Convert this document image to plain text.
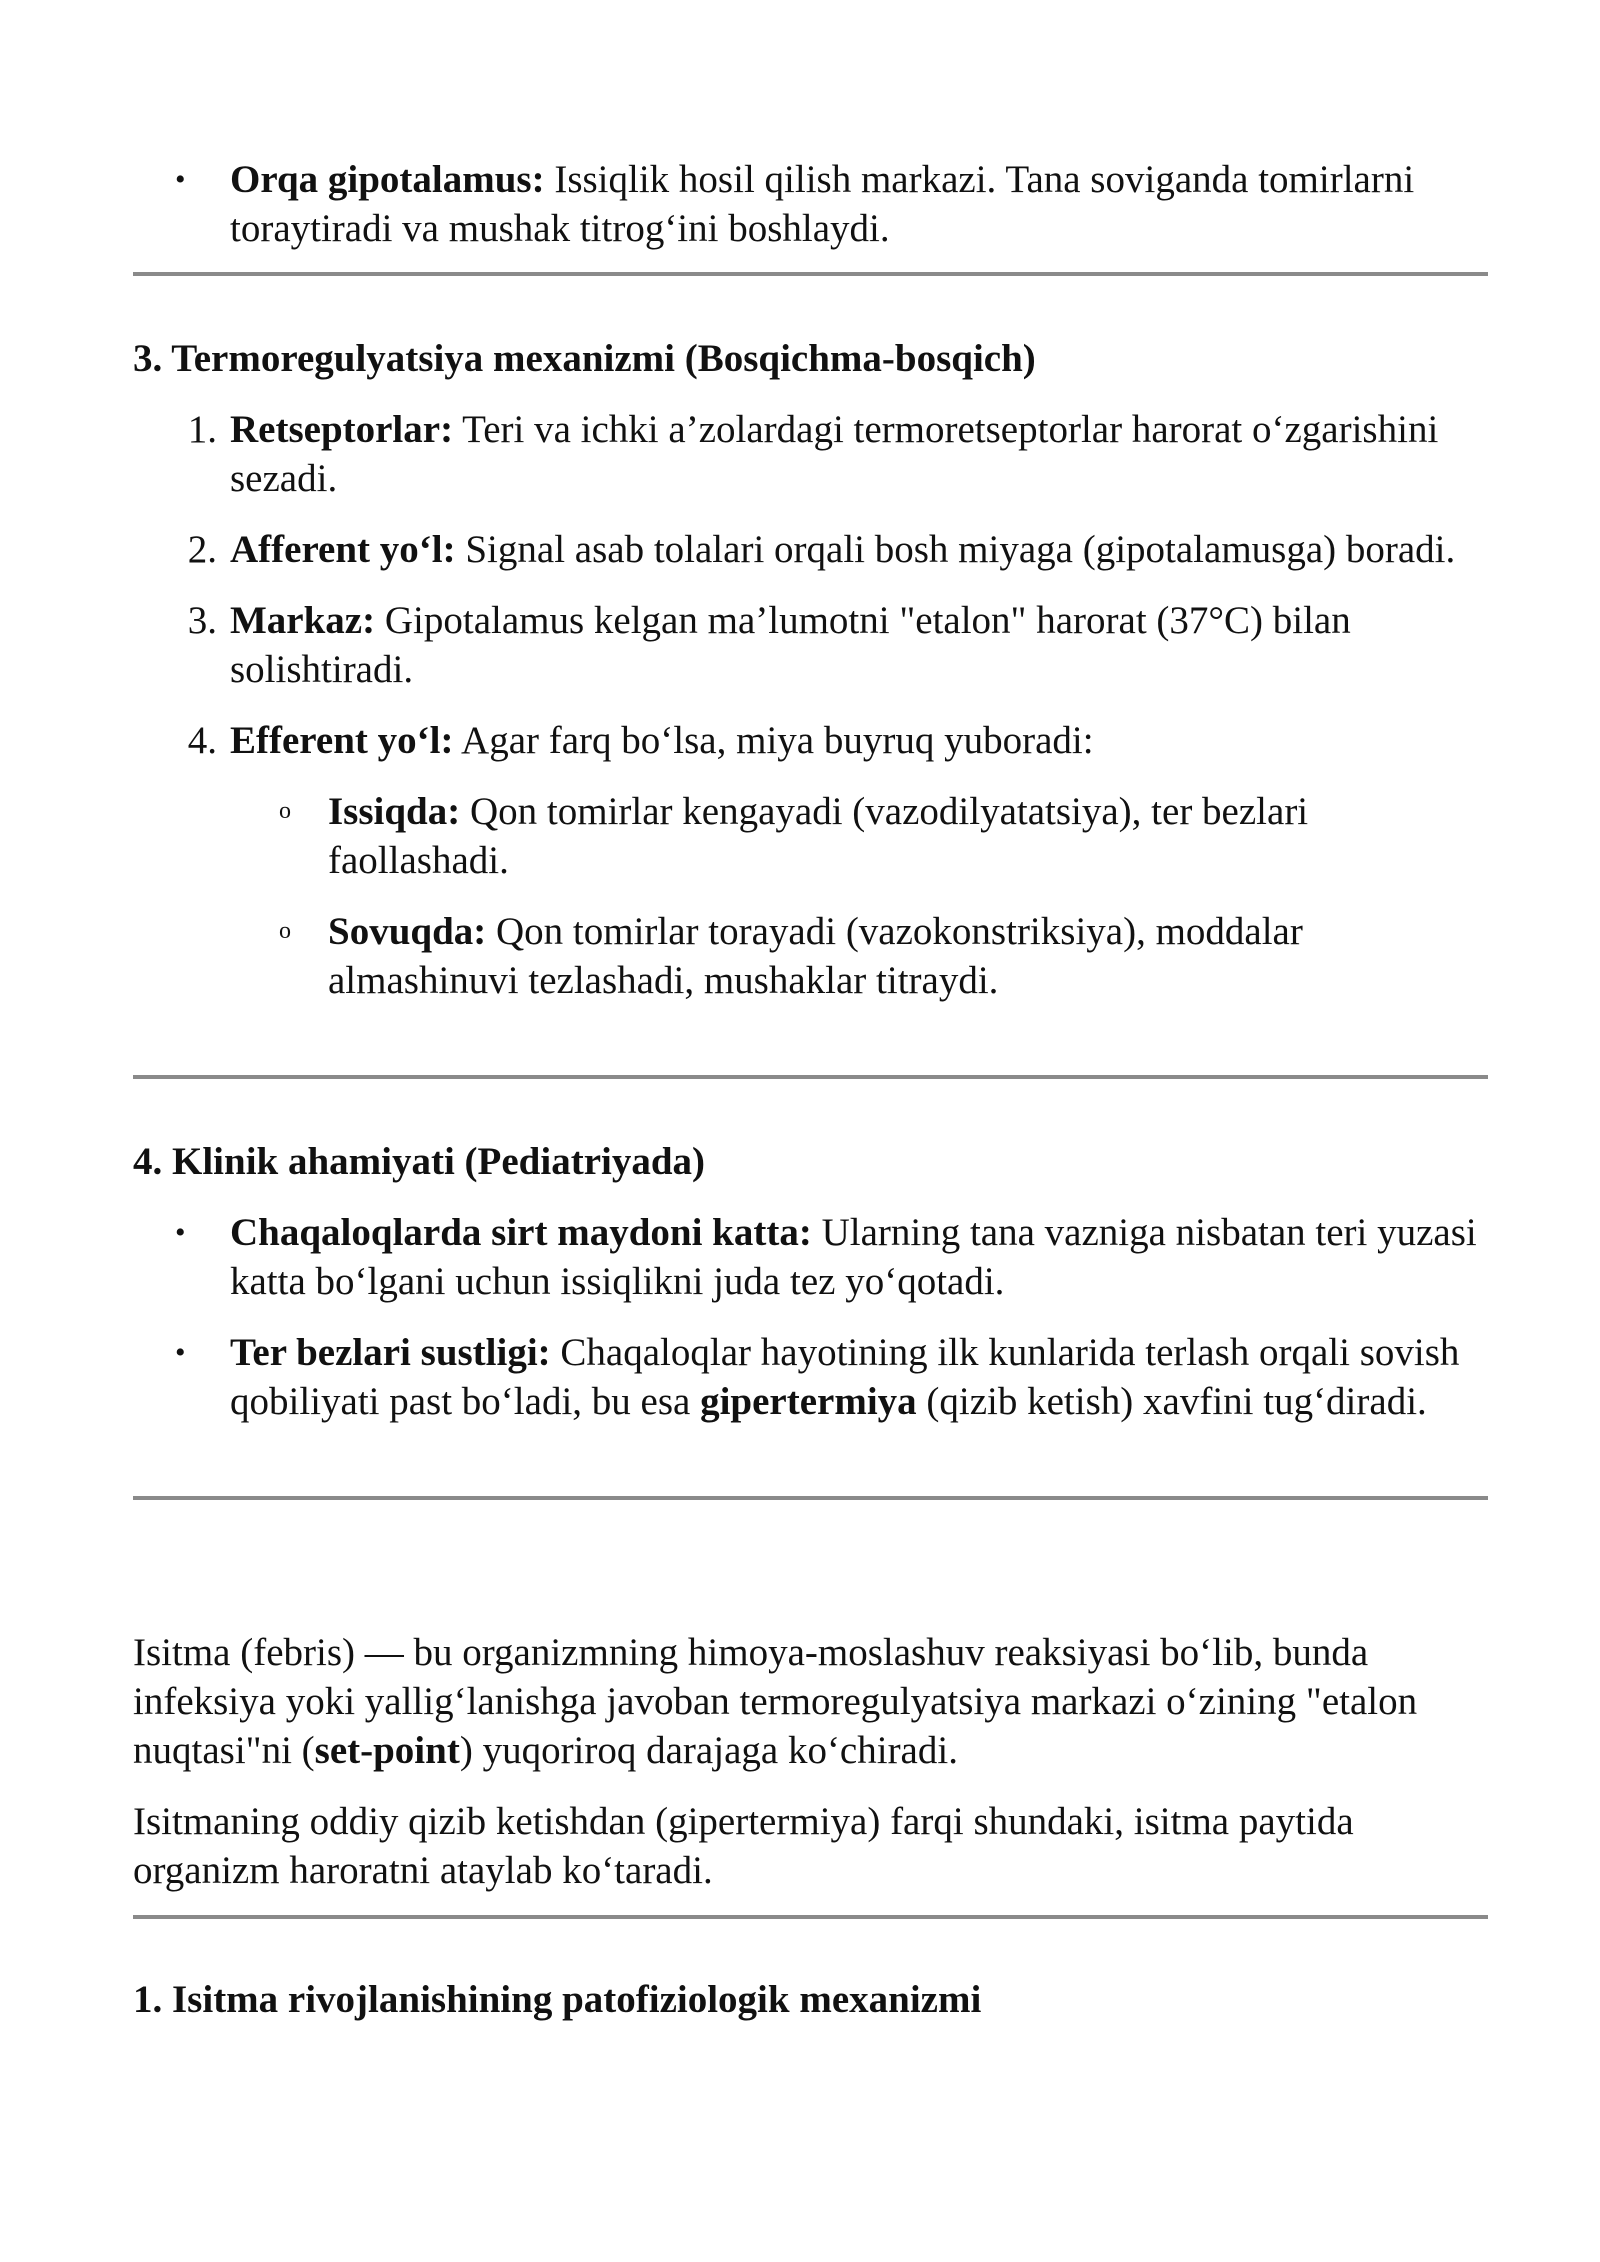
• Orqa gipotalamus: Issiqlik hosil qilish markazi. Tana soviganda tomirlarni toraytiradi va mushak titrog‘ini boshlaydi.
3. Termoregulyatsiya mexanizmi (Bosqichma-bosqich)
1. Retseptorlar: Teri va ichki a’zolardagi termoretseptorlar harorat o‘zgarishini sezadi.
2. Afferent yo‘l: Signal asab tolalari orqali bosh miyaga (gipotalamusga) boradi.
3. Markaz: Gipotalamus kelgan ma’lumotni "etalon" harorat (37°C) bilan solishtiradi.
4. Efferent yo‘l: Agar farq bo‘lsa, miya buyruq yuboradi:
o Issiqda: Qon tomirlar kengayadi (vazodilyatatsiya), ter bezlari faollashadi.
o Sovuqda: Qon tomirlar torayadi (vazokonstriksiya), moddalar almashinuvi tezlashadi, mushaklar titraydi.
4. Klinik ahamiyati (Pediatriyada)
• Chaqaloqlarda sirt maydoni katta: Ularning tana vazniga nisbatan teri yuzasi katta bo‘lgani uchun issiqlikni juda tez yo‘qotadi.
• Ter bezlari sustligi: Chaqaloqlar hayotining ilk kunlarida terlash orqali sovish qobiliyati past bo‘ladi, bu esa gipertermiya (qizib ketish) xavfini tug‘diradi.

Isitma (febris) — bu organizmning himoya-moslashuv reaksiyasi bo‘lib, bunda infeksiya yoki yallig‘lanishga javoban termoregulyatsiya markazi o‘zining "etalon nuqtasi"ni (set-point) yuqoriroq darajaga ko‘chiradi.

Isitmaning oddiy qizib ketishdan (gipertermiya) farqi shundaki, isitma paytida organizm haroratni ataylab ko‘taradi.

1. Isitma rivojlanishining patofiziologik mexanizmi
